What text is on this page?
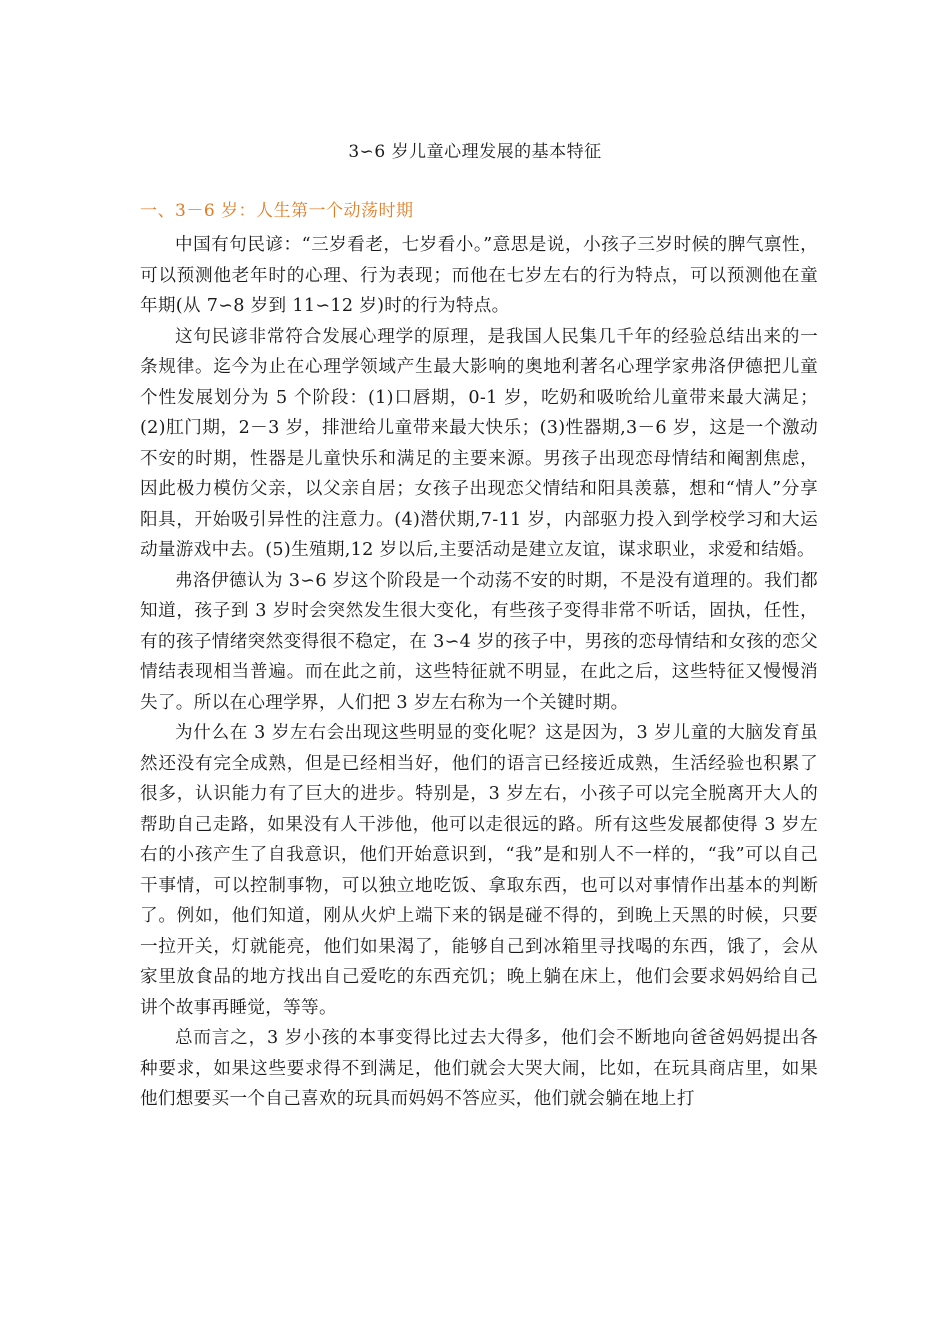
3∽6 岁儿童心理发展的基本特征
一、3－6 岁：人生第一个动荡时期

中国有句民谚：“三岁看老，七岁看小。”意思是说，小孩子三岁时候的脾气禀性，可以预测他老年时的心理、行为表现；而他在七岁左右的行为特点，可以预测他在童年期(从 7∽8 岁到 11∽12 岁)时的行为特点。

这句民谚非常符合发展心理学的原理，是我国人民集几千年的经验总结出来的一条规律。迄今为止在心理学领域产生最大影响的奥地利著名心理学家弗洛伊德把儿童个性发展划分为 5 个阶段：(1)口唇期，0-1 岁，吃奶和吸吮给儿童带来最大满足；(2)肛门期，2－3 岁，排泄给儿童带来最大快乐；(3)性器期,3－6 岁，这是一个激动不安的时期，性器是儿童快乐和满足的主要来源。男孩子出现恋母情结和阉割焦虑，因此极力模仿父亲，以父亲自居；女孩子出现恋父情结和阳具羡慕，想和“情人”分享阳具，开始吸引异性的注意力。(4)潜伏期,7-11 岁，内部驱力投入到学校学习和大运动量游戏中去。(5)生殖期,12 岁以后,主要活动是建立友谊，谋求职业，求爱和结婚。

弗洛伊德认为 3∽6 岁这个阶段是一个动荡不安的时期，不是没有道理的。我们都知道，孩子到 3 岁时会突然发生很大变化，有些孩子变得非常不听话，固执，任性，有的孩子情绪突然变得很不稳定，在 3∽4 岁的孩子中，男孩的恋母情结和女孩的恋父情结表现相当普遍。而在此之前，这些特征就不明显，在此之后，这些特征又慢慢消失了。所以在心理学界，人们把 3 岁左右称为一个关键时期。

为什么在 3 岁左右会出现这些明显的变化呢？这是因为，3 岁儿童的大脑发育虽然还没有完全成熟，但是已经相当好，他们的语言已经接近成熟，生活经验也积累了很多，认识能力有了巨大的进步。特别是，3 岁左右，小孩子可以完全脱离开大人的帮助自己走路，如果没有人干涉他，他可以走很远的路。所有这些发展都使得 3 岁左右的小孩产生了自我意识，他们开始意识到，“我”是和别人不一样的，“我”可以自己干事情，可以控制事物，可以独立地吃饭、拿取东西，也可以对事情作出基本的判断了。例如，他们知道，刚从火炉上端下来的锅是碰不得的，到晚上天黑的时候，只要一拉开关，灯就能亮，他们如果渴了，能够自己到冰箱里寻找喝的东西，饿了，会从家里放食品的地方找出自己爱吃的东西充饥；晚上躺在床上，他们会要求妈妈给自己讲个故事再睡觉，等等。

总而言之，3 岁小孩的本事变得比过去大得多，他们会不断地向爸爸妈妈提出各种要求，如果这些要求得不到满足，他们就会大哭大闹，比如，在玩具商店里，如果他们想要买一个自己喜欢的玩具而妈妈不答应买，他们就会躺在地上打
